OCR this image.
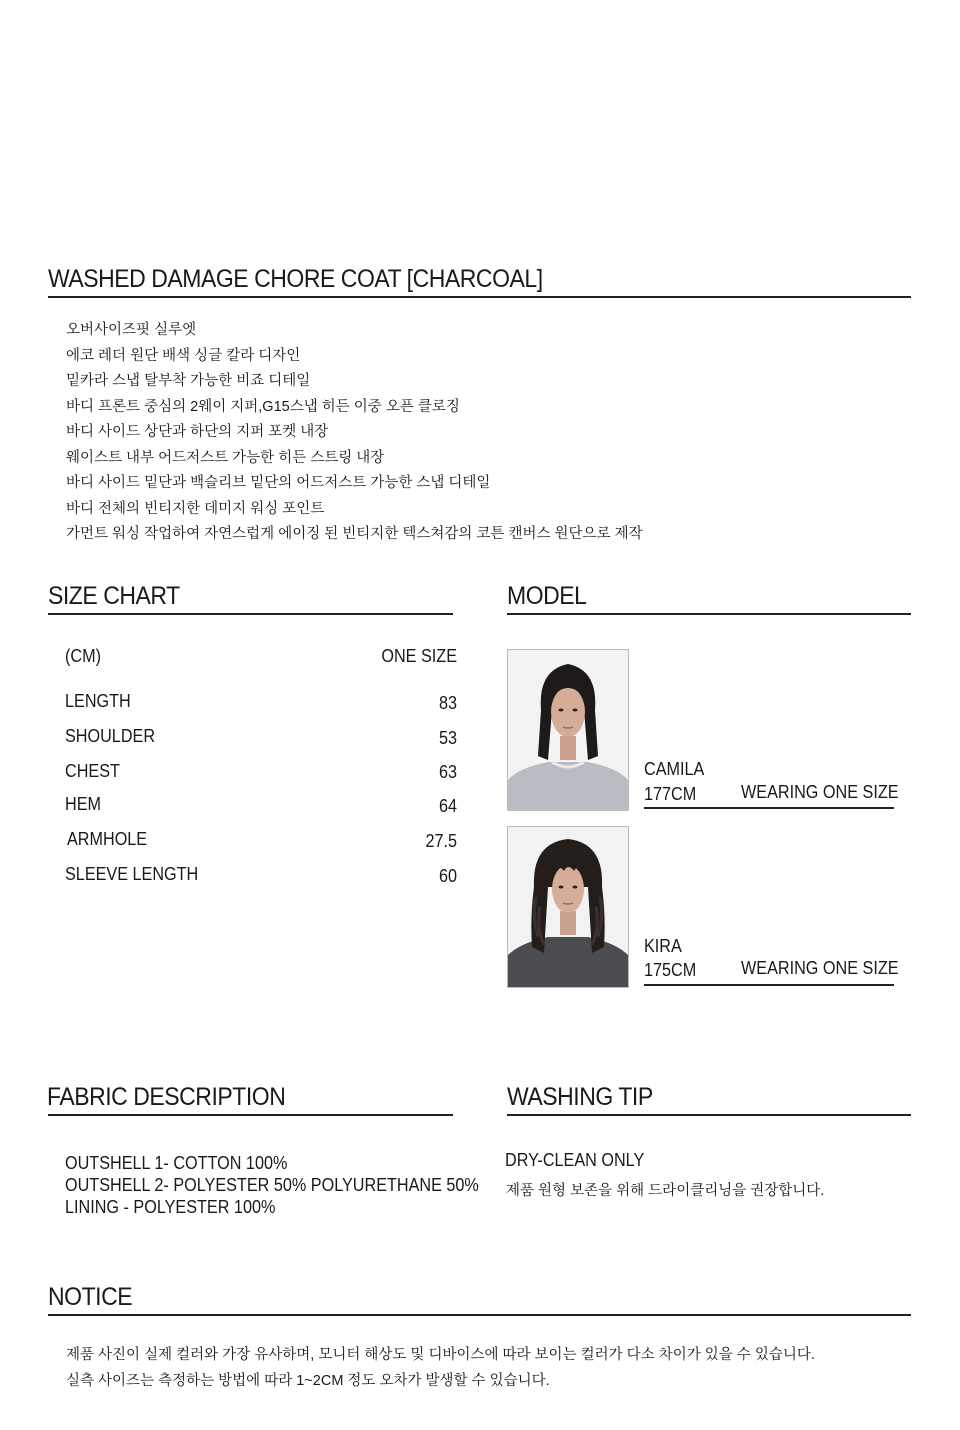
WASHED DAMAGE CHORE COAT [CHARCOAL]
오버사이즈핏 실루엣
에코 레더 원단 배색 싱글 칼라 디자인
밑카라 스냅 탈부착 가능한 비죠 디테일
바디 프론트 중심의 2웨이 지퍼,G15스냅 히든 이중 오픈 클로징
바디 사이드 상단과 하단의 지퍼 포켓 내장
웨이스트 내부 어드저스트 가능한 히든 스트링 내장
바디 사이드 밑단과 백슬리브 밑단의 어드저스트 가능한 스냅 디테일
바디 전체의 빈티지한 데미지 워싱 포인트
가먼트 워싱 작업하여 자연스럽게 에이징 된 빈티지한 텍스쳐감의 코튼 캔버스 원단으로 제작
SIZE CHART
(CM)	ONE SIZE
LENGTH	83
SHOULDER	53
CHEST	63
HEM	64
ARMHOLE	27.5
SLEEVE LENGTH	60
MODEL
CAMILA
177CM WEARING ONE SIZE
KIRA
175CM WEARING ONE SIZE
FABRIC DESCRIPTION
OUTSHELL 1- COTTON 100%
OUTSHELL 2- POLYESTER 50% POLYURETHANE 50%
LINING - POLYESTER 100%
WASHING TIP
DRY-CLEAN ONLY
제품 원형 보존을 위해 드라이클리닝을 권장합니다.
NOTICE
제품 사진이 실제 컬러와 가장 유사하며, 모니터 해상도 및 디바이스에 따라 보이는 컬러가 다소 차이가 있을 수 있습니다.
실측 사이즈는 측정하는 방법에 따라 1~2CM 정도 오차가 발생할 수 있습니다.
